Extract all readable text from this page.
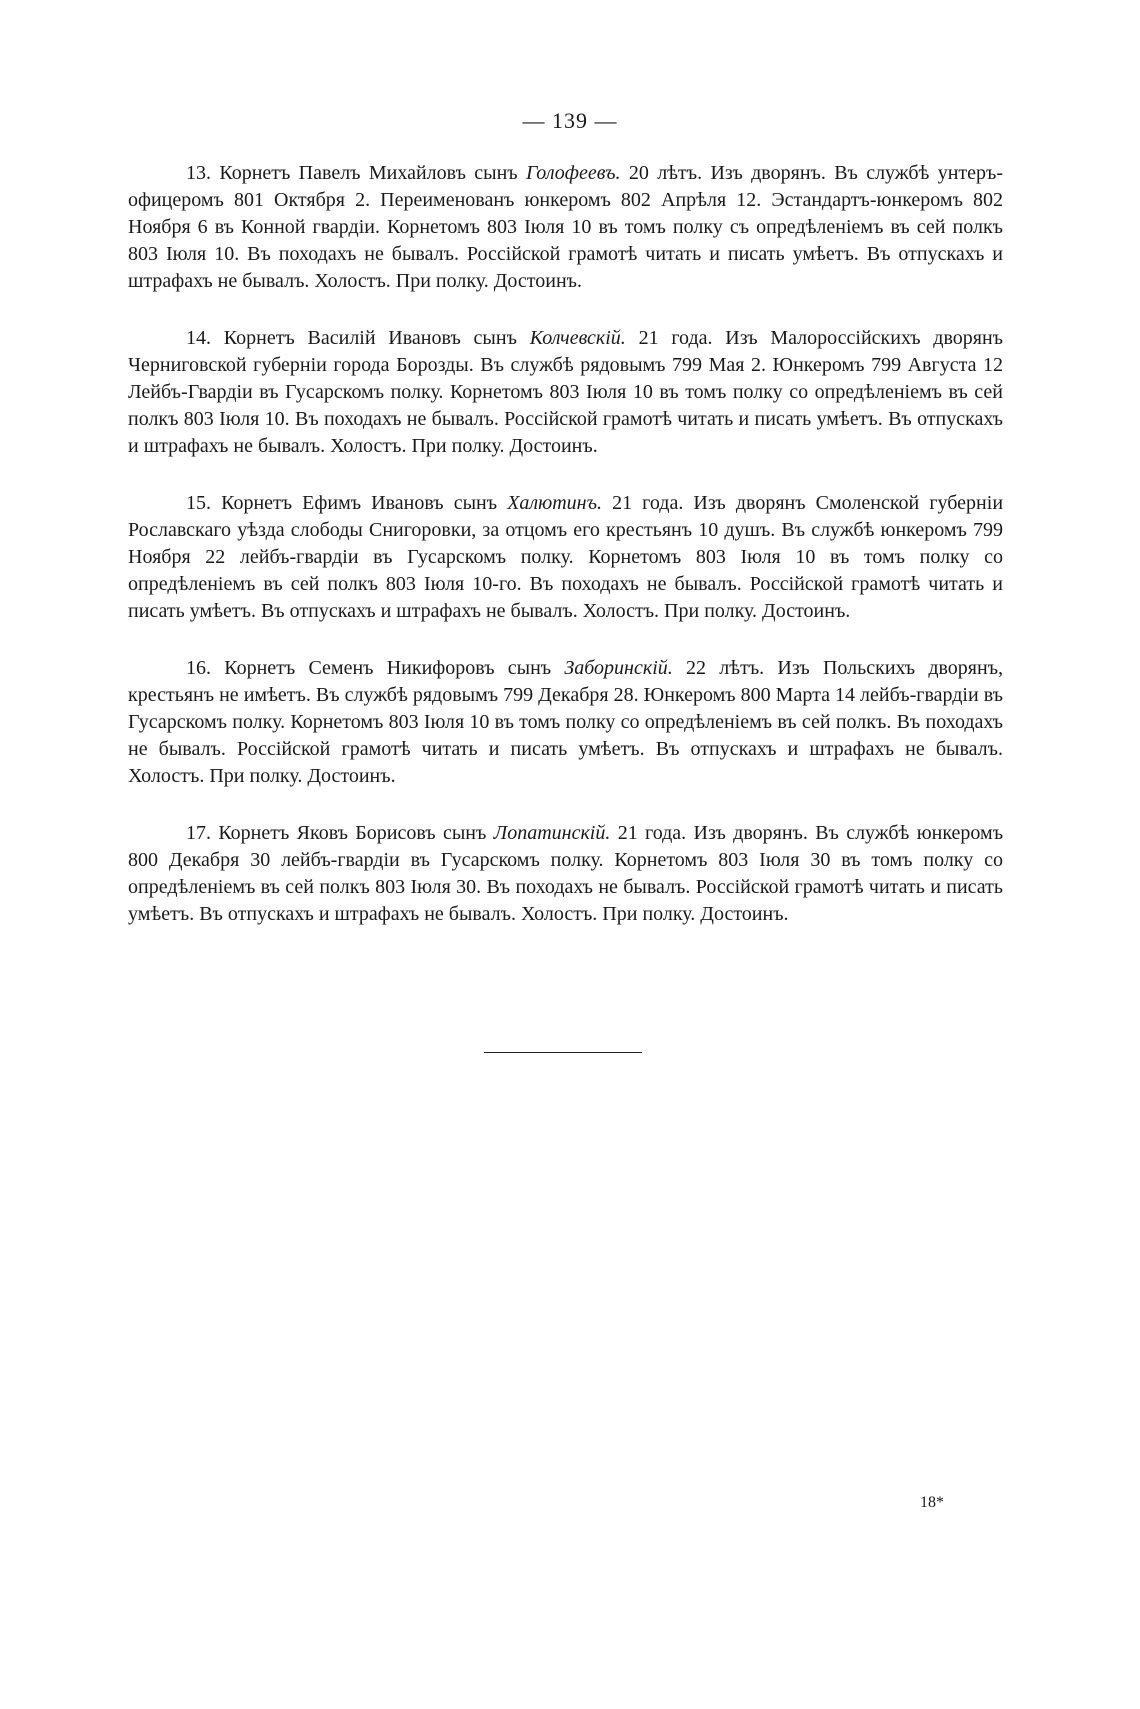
— 139 —

13. Корнетъ Павелъ Михайловъ сынъ Голофеевъ. 20 лѣтъ. Изъ дворянъ. Въ службѣ унтеръ-офицеромъ 801 Октября 2. Переименованъ юнкеромъ 802 Апрѣля 12. Эстандартъ-юнкеромъ 802 Ноября 6 въ Конной гвардіи. Корнетомъ 803 Іюля 10 въ томъ полку съ опредѣленіемъ въ сей полкъ 803 Іюля 10. Въ походахъ не бывалъ. Россійской грамотѣ читать и писать умѣетъ. Въ отпускахъ и штрафахъ не бывалъ. Холостъ. При полку. Достоинъ.

14. Корнетъ Василій Ивановъ сынъ Колчевскій. 21 года. Изъ Малороссійскихъ дворянъ Черниговской губерніи города Борозды. Въ службѣ рядовымъ 799 Мая 2. Юнкеромъ 799 Августа 12 Лейбъ-Гвардіи въ Гусарскомъ полку. Корнетомъ 803 Іюля 10 въ томъ полку со опредѣленіемъ въ сей полкъ 803 Іюля 10. Въ походахъ не бывалъ. Россійской грамотѣ читать и писать умѣетъ. Въ отпускахъ и штрафахъ не бывалъ. Холостъ. При полку. Достоинъ.

15. Корнетъ Ефимъ Ивановъ сынъ Халютинъ. 21 года. Изъ дворянъ Смоленской губерніи Рославскаго уѣзда слободы Снигоровки, за отцомъ его крестьянъ 10 душъ. Въ службѣ юнкеромъ 799 Ноября 22 лейбъ-гвардіи въ Гусарскомъ полку. Корнетомъ 803 Іюля 10 въ томъ полку со опредѣленіемъ въ сей полкъ 803 Іюля 10-го. Въ походахъ не бывалъ. Россійской грамотѣ читать и писать умѣетъ. Въ отпускахъ и штрафахъ не бывалъ. Холостъ. При полку. Достоинъ.

16. Корнетъ Семенъ Никифоровъ сынъ Заборинскій. 22 лѣтъ. Изъ Польскихъ дворянъ, крестьянъ не имѣетъ. Въ службѣ рядовымъ 799 Декабря 28. Юнкеромъ 800 Марта 14 лейбъ-гвардіи въ Гусарскомъ полку. Корнетомъ 803 Іюля 10 въ томъ полку со опредѣленіемъ въ сей полкъ. Въ походахъ не бывалъ. Россійской грамотѣ читать и писать умѣетъ. Въ отпускахъ и штрафахъ не бывалъ. Холостъ. При полку. Достоинъ.

17. Корнетъ Яковъ Борисовъ сынъ Лопатинскій. 21 года. Изъ дворянъ. Въ службѣ юнкеромъ 800 Декабря 30 лейбъ-гвардіи въ Гусарскомъ полку. Корнетомъ 803 Іюля 30 въ томъ полку со опредѣленіемъ въ сей полкъ 803 Іюля 30. Въ походахъ не бывалъ. Россійской грамотѣ читать и писать умѣетъ. Въ отпускахъ и штрафахъ не бывалъ. Холостъ. При полку. Достоинъ.

18*
